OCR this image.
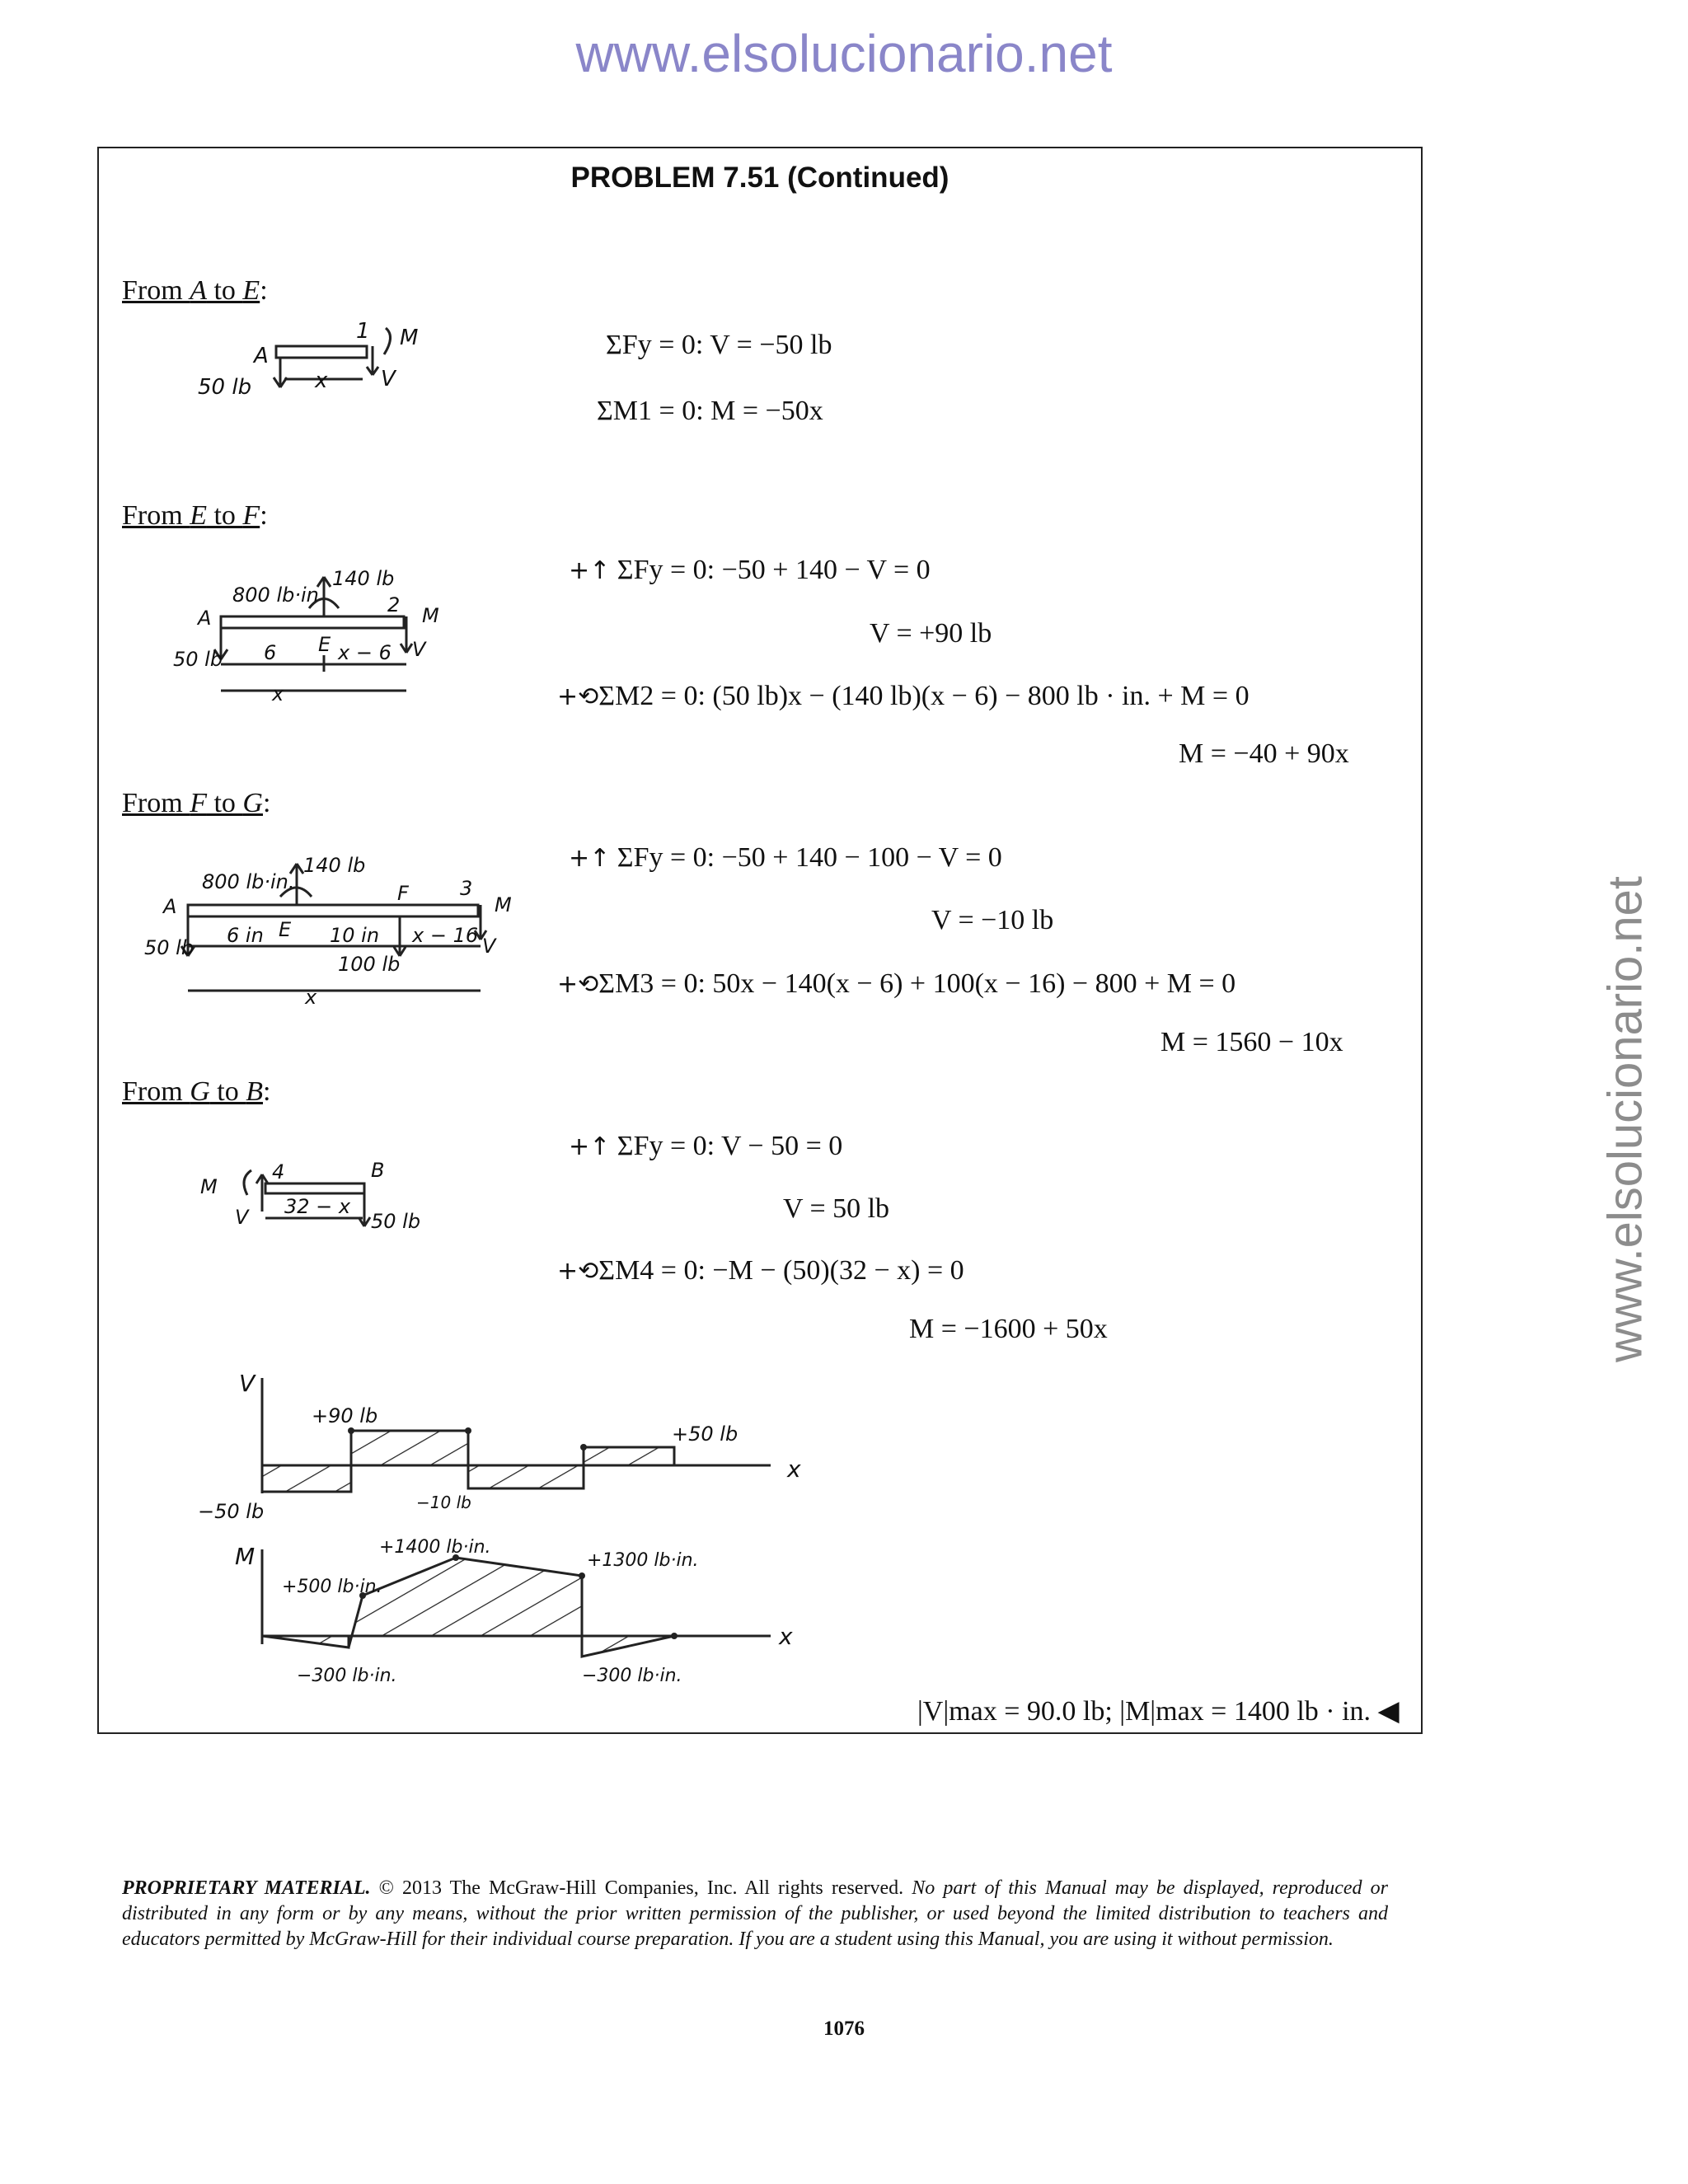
www.elsolucionario.net
www.elsolucionario.net
PROBLEM 7.51 (Continued)
From A to E:
From E to F:
From F to G:
From G to B:
ΣFy = 0: V = −50 lb
ΣM1 = 0: M = −50x
+↑ ΣFy = 0: −50 + 140 − V = 0
V = +90 lb
+⟲ΣM2 = 0: (50 lb)x − (140 lb)(x − 6) − 800 lb · in. + M = 0
M = −40 + 90x
+↑ ΣFy = 0: −50 + 140 − 100 − V = 0
V = −10 lb
+⟲ΣM3 = 0: 50x − 140(x − 6) + 100(x − 16) − 800 + M = 0
M = 1560 − 10x
+↑ ΣFy = 0: V − 50 = 0
V = 50 lb
+⟲ΣM4 = 0: −M − (50)(32 − x) = 0
M = −1600 + 50x
|V|max = 90.0 lb; |M|max = 1400 lb · in. ◀
A
1 M
V
50 lb	x
800 lb·in
140 lb
A
E
2 M
V
50 lb 6	x − 6
x
800 lb·in.
140 lb
A
E
F	3
M
V
50 lb
6 in	10 in x − 16
100 lb
x
M
V
4	B
32 − x
50 lb
V
x
+90 lb
+50 lb
−50 lb	−10 lb
M
x
+1400 lb·in.
+500 lb·in.
+1300 lb·in.
−300 lb·in.	−300 lb·in.
PROPRIETARY MATERIAL. © 2013 The McGraw-Hill Companies, Inc. All rights reserved. No part of this Manual may be displayed, reproduced or distributed in any form or by any means, without the prior written permission of the publisher, or used beyond the limited distribution to teachers and educators permitted by McGraw-Hill for their individual course preparation. If you are a student using this Manual, you are using it without permission.
1076
